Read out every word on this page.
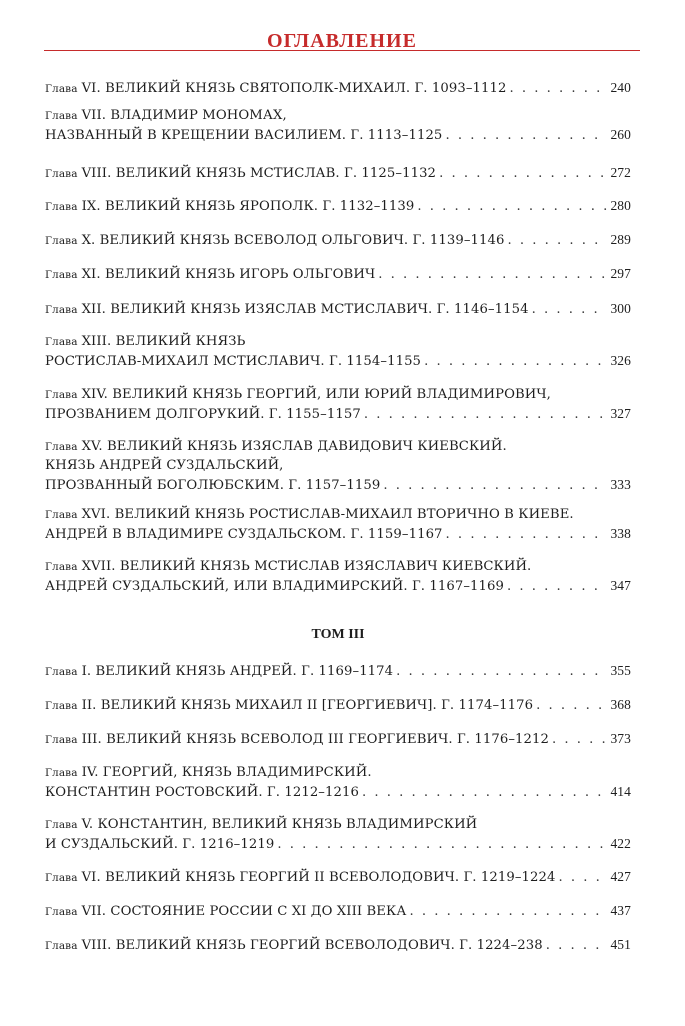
ОГЛАВЛЕНИЕ
Глава VI. ВЕЛИКИЙ КНЯЗЬ СВЯТОПОЛК-МИХАИЛ. Г. 1093–1112 . . .	240
Глава VII. ВЛАДИМИР МОНОМАХ,
НАЗВАННЫЙ В КРЕЩЕНИИ ВАСИЛИЕМ. Г. 1113–1125 . . .	260
Глава VIII. ВЕЛИКИЙ КНЯЗЬ МСТИСЛАВ. Г. 1125–1132 . . .	272
Глава IX. ВЕЛИКИЙ КНЯЗЬ ЯРОПОЛК. Г. 1132–1139 . . .	280
Глава X. ВЕЛИКИЙ КНЯЗЬ ВСЕВОЛОД ОЛЬГОВИЧ. Г. 1139–1146 . . .	289
Глава XI. ВЕЛИКИЙ КНЯЗЬ ИГОРЬ ОЛЬГОВИЧ . . .	297
Глава XII. ВЕЛИКИЙ КНЯЗЬ ИЗЯСЛАВ МСТИСЛАВИЧ. Г. 1146–1154 . . .	300
Глава XIII. ВЕЛИКИЙ КНЯЗЬ
РОСТИСЛАВ-МИХАИЛ МСТИСЛАВИЧ. Г. 1154–1155 . . .	326
Глава XIV. ВЕЛИКИЙ КНЯЗЬ ГЕОРГИЙ, ИЛИ ЮРИЙ ВЛАДИМИРОВИЧ,
ПРОЗВАНИЕМ ДОЛГОРУКИЙ. Г. 1155–1157 . . .	327
Глава XV. ВЕЛИКИЙ КНЯЗЬ ИЗЯСЛАВ ДАВИДОВИЧ КИЕВСКИЙ.
КНЯЗЬ АНДРЕЙ СУЗДАЛЬСКИЙ,
ПРОЗВАННЫЙ БОГОЛЮБСКИМ. Г. 1157–1159 . . .	333
Глава XVI. ВЕЛИКИЙ КНЯЗЬ РОСТИСЛАВ-МИХАИЛ ВТОРИЧНО В КИЕВЕ.
АНДРЕЙ В ВЛАДИМИРЕ СУЗДАЛЬСКОМ. Г. 1159–1167 . . .	338
Глава XVII. ВЕЛИКИЙ КНЯЗЬ МСТИСЛАВ ИЗЯСЛАВИЧ КИЕВСКИЙ.
АНДРЕЙ СУЗДАЛЬСКИЙ, ИЛИ ВЛАДИМИРСКИЙ. Г. 1167–1169 . . .	347
ТОМ III
Глава I. ВЕЛИКИЙ КНЯЗЬ АНДРЕЙ. Г. 1169–1174 . . .	355
Глава II. ВЕЛИКИЙ КНЯЗЬ МИХАИЛ II [ГЕОРГИЕВИЧ]. Г. 1174–1176 . . .	368
Глава III. ВЕЛИКИЙ КНЯЗЬ ВСЕВОЛОД III ГЕОРГИЕВИЧ. Г. 1176–1212 . . .	373
Глава IV. ГЕОРГИЙ, КНЯЗЬ ВЛАДИМИРСКИЙ.
КОНСТАНТИН РОСТОВСКИЙ. Г. 1212–1216 . . .	414
Глава V. КОНСТАНТИН, ВЕЛИКИЙ КНЯЗЬ ВЛАДИМИРСКИЙ
И СУЗДАЛЬСКИЙ. Г. 1216–1219 . . .	422
Глава VI. ВЕЛИКИЙ КНЯЗЬ ГЕОРГИЙ II ВСЕВОЛОДОВИЧ. Г. 1219–1224 . . .	427
Глава VII. СОСТОЯНИЕ РОССИИ С XI ДО XIII ВЕКА . . .	437
Глава VIII. ВЕЛИКИЙ КНЯЗЬ ГЕОРГИЙ ВСЕВОЛОДОВИЧ. Г. 1224–238 . . .	451
